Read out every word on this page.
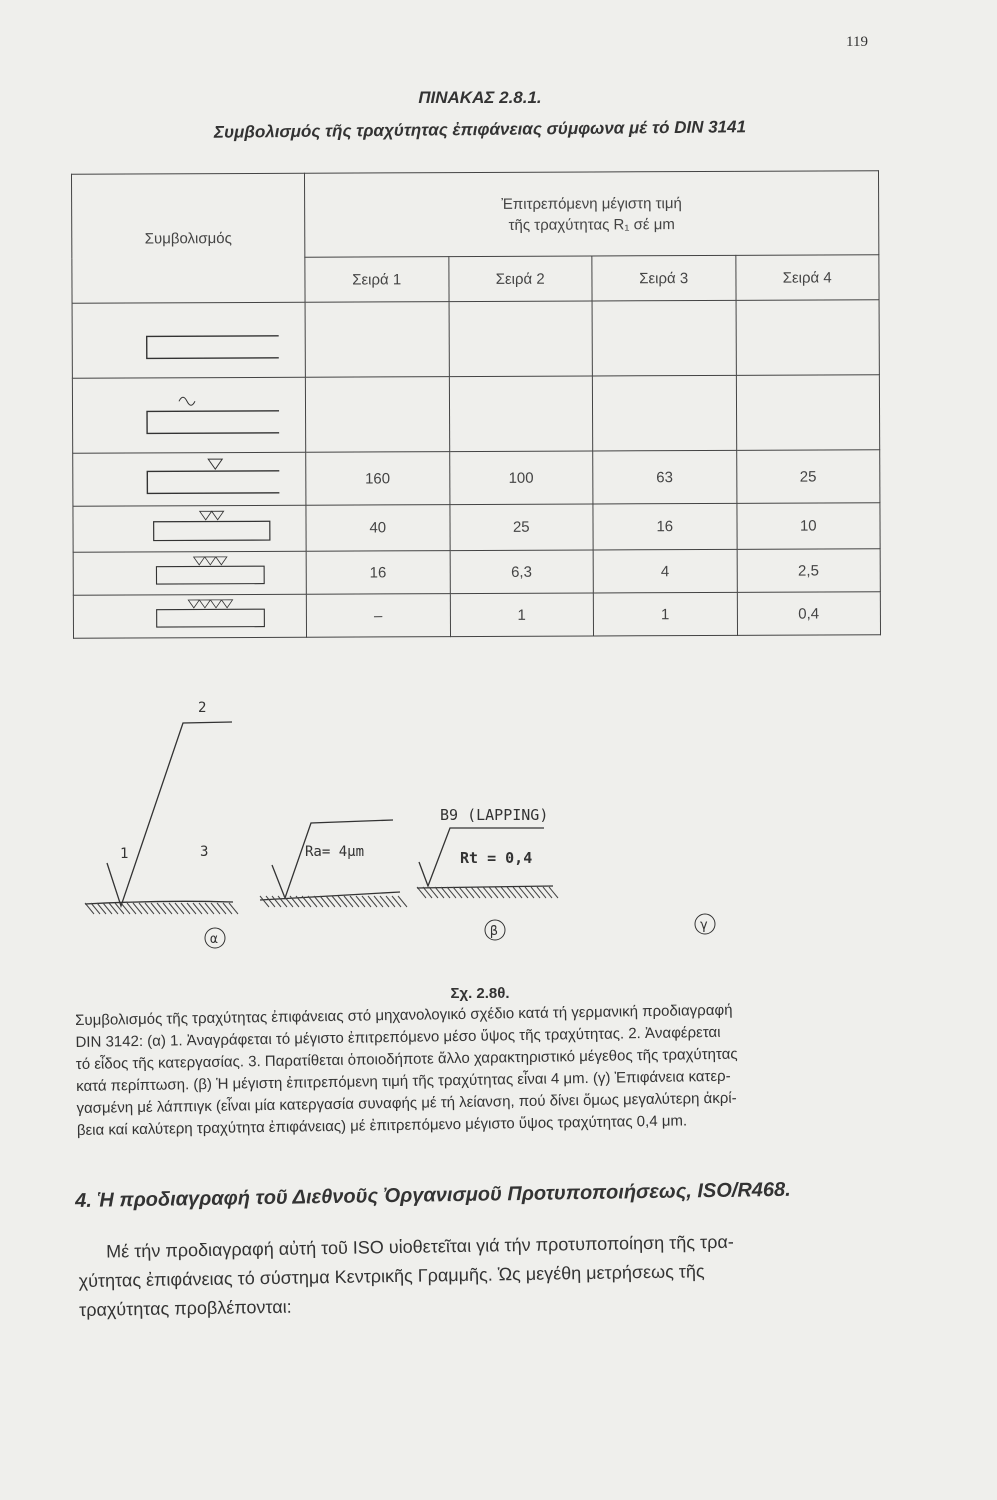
119
ΠΙΝΑΚΑΣ 2.8.1.
Συμβολισμός τῆς τραχύτητας ἐπιφάνειας σύμφωνα μέ τό DIN 3141
Συμβολισμός	Ἐπιτρεπόμενη μέγιστη τιμή
τῆς τραχύτητας R₁ σέ μm			

	Σειρά 1	Σειρά 2	Σειρά 3	Σειρά 4

	160	100	63	25
	40	25	16	10
	16	6,3	4	2,5
	–	1	1	0,4
2
1	3	Ra= 4μm
B9 (LAPPING)
Rt = 0,4
α
β	γ
Σχ. 2.8θ.
Συμβολισμός τῆς τραχύτητας ἐπιφάνειας στό μηχανολογικό σχέδιο κατά τή γερμανική προδιαγραφή
DIN 3142: (α) 1. Ἀναγράφεται τό μέγιστο ἐπιτρεπόμενο μέσο ὕψος τῆς τραχύτητας. 2. Ἀναφέρεται
τό εἶδος τῆς κατεργασίας. 3. Παρατίθεται ὁποιοδήποτε ἄλλο χαρακτηριστικό μέγεθος τῆς τραχύτητας
κατά περίπτωση. (β) Ἡ μέγιστη ἐπιτρεπόμενη τιμή τῆς τραχύτητας εἶναι 4 μm. (γ) Ἐπιφάνεια κατερ-
γασμένη μέ λάππιγκ (εἶναι μία κατεργασία συναφής μέ τή λείανση, πού δίνει ὅμως μεγαλύτερη ἀκρί-
βεια καί καλύτερη τραχύτητα ἐπιφάνειας) μέ ἐπιτρεπόμενο μέγιστο ὕψος τραχύτητας 0,4 μm.
4. Ἡ προδιαγραφή τοῦ Διεθνοῦς Ὀργανισμοῦ Προτυποποιήσεως, ISO/R468.
Μέ τήν προδιαγραφή αὐτή τοῦ ISO υἱοθετεῖται γιά τήν προτυποποίηση τῆς τρα-
χύτητας ἐπιφάνειας τό σύστημα Κεντρικῆς Γραμμῆς. Ὡς μεγέθη μετρήσεως τῆς
τραχύτητας προβλέπονται:
